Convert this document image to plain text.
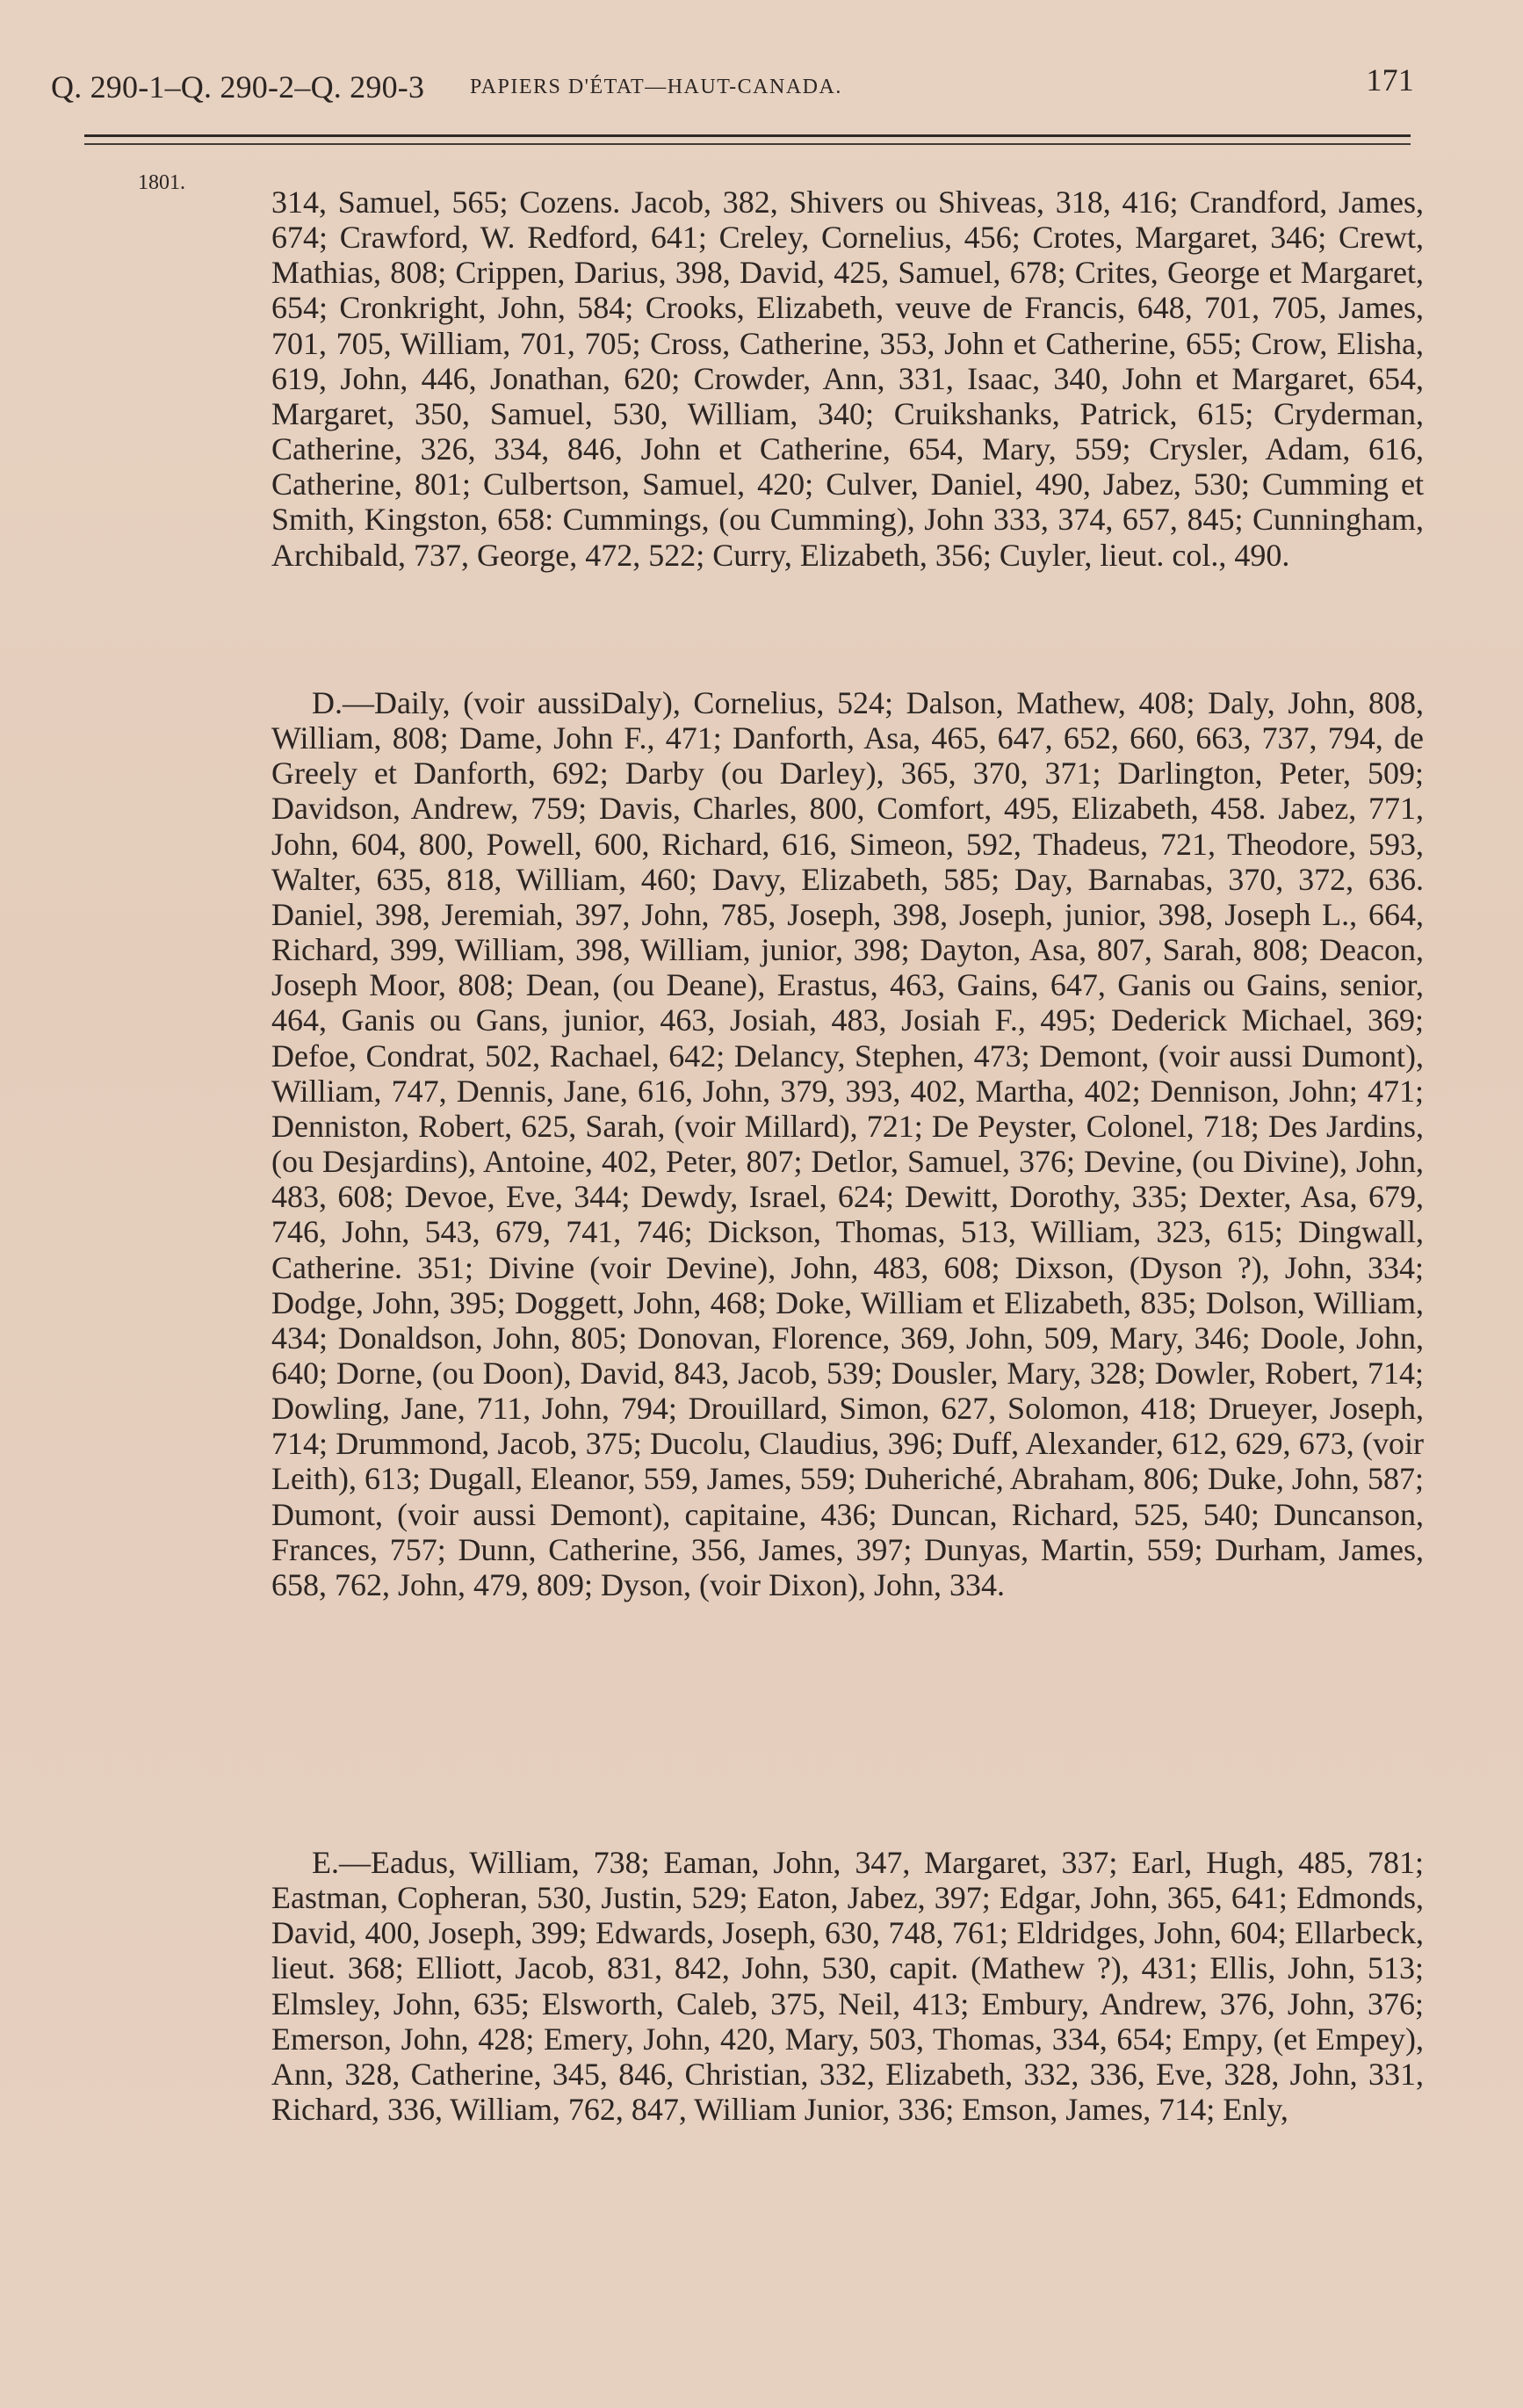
Q. 290-1–Q. 290-2–Q. 290-3 PAPIERS D'ÉTAT—HAUT-CANADA.	171
1801.

314, Samuel, 565; Cozens. Jacob, 382, Shivers ou Shiveas, 318, 416; Crandford, James, 674; Crawford, W. Redford, 641; Creley, Cornelius, 456; Crotes, Margaret, 346; Crewt, Mathias, 808; Crippen, Darius, 398, David, 425, Samuel, 678; Crites, George et Margaret, 654; Cronkright, John, 584; Crooks, Elizabeth, veuve de Francis, 648, 701, 705, James, 701, 705, William, 701, 705; Cross, Catherine, 353, John et Catherine, 655; Crow, Elisha, 619, John, 446, Jonathan, 620; Crowder, Ann, 331, Isaac, 340, John et Margaret, 654, Margaret, 350, Samuel, 530, William, 340; Cruikshanks, Patrick, 615; Cryderman, Catherine, 326, 334, 846, John et Catherine, 654, Mary, 559; Crysler, Adam, 616, Catherine, 801; Culbertson, Samuel, 420; Culver, Daniel, 490, Jabez, 530; Cumming et Smith, Kingston, 658: Cummings, (ou Cumming), John 333, 374, 657, 845; Cunningham, Archibald, 737, George, 472, 522; Curry, Elizabeth, 356; Cuyler, lieut. col., 490.

D.—Daily, (voir aussiDaly), Cornelius, 524; Dalson, Mathew, 408; Daly, John, 808, William, 808; Dame, John F., 471; Danforth, Asa, 465, 647, 652, 660, 663, 737, 794, de Greely et Danforth, 692; Darby (ou Darley), 365, 370, 371; Darlington, Peter, 509; Davidson, Andrew, 759; Davis, Charles, 800, Comfort, 495, Elizabeth, 458. Jabez, 771, John, 604, 800, Powell, 600, Richard, 616, Simeon, 592, Thadeus, 721, Theodore, 593, Walter, 635, 818, William, 460; Davy, Elizabeth, 585; Day, Barnabas, 370, 372, 636. Daniel, 398, Jeremiah, 397, John, 785, Joseph, 398, Joseph, junior, 398, Joseph L., 664, Richard, 399, William, 398, William, junior, 398; Dayton, Asa, 807, Sarah, 808; Deacon, Joseph Moor, 808; Dean, (ou Deane), Erastus, 463, Gains, 647, Ganis ou Gains, senior, 464, Ganis ou Gans, junior, 463, Josiah, 483, Josiah F., 495; Dederick Michael, 369; Defoe, Condrat, 502, Rachael, 642; Delancy, Stephen, 473; Demont, (voir aussi Dumont), William, 747, Dennis, Jane, 616, John, 379, 393, 402, Martha, 402; Dennison, John; 471; Denniston, Robert, 625, Sarah, (voir Millard), 721; De Peyster, Colonel, 718; Des Jardins, (ou Desjardins), Antoine, 402, Peter, 807; Detlor, Samuel, 376; Devine, (ou Divine), John, 483, 608; Devoe, Eve, 344; Dewdy, Israel, 624; Dewitt, Dorothy, 335; Dexter, Asa, 679, 746, John, 543, 679, 741, 746; Dickson, Thomas, 513, William, 323, 615; Dingwall, Catherine. 351; Divine (voir Devine), John, 483, 608; Dixson, (Dyson ?), John, 334; Dodge, John, 395; Doggett, John, 468; Doke, William et Elizabeth, 835; Dolson, William, 434; Donaldson, John, 805; Donovan, Florence, 369, John, 509, Mary, 346; Doole, John, 640; Dorne, (ou Doon), David, 843, Jacob, 539; Dousler, Mary, 328; Dowler, Robert, 714; Dowling, Jane, 711, John, 794; Drouillard, Simon, 627, Solomon, 418; Drueyer, Joseph, 714; Drummond, Jacob, 375; Ducolu, Claudius, 396; Duff, Alexander, 612, 629, 673, (voir Leith), 613; Dugall, Eleanor, 559, James, 559; Duheriché, Abraham, 806; Duke, John, 587; Dumont, (voir aussi Demont), capitaine, 436; Duncan, Richard, 525, 540; Duncanson, Frances, 757; Dunn, Catherine, 356, James, 397; Dunyas, Martin, 559; Durham, James, 658, 762, John, 479, 809; Dyson, (voir Dixon), John, 334.

E.—Eadus, William, 738; Eaman, John, 347, Margaret, 337; Earl, Hugh, 485, 781; Eastman, Copheran, 530, Justin, 529; Eaton, Jabez, 397; Edgar, John, 365, 641; Edmonds, David, 400, Joseph, 399; Edwards, Joseph, 630, 748, 761; Eldridges, John, 604; Ellarbeck, lieut. 368; Elliott, Jacob, 831, 842, John, 530, capit. (Mathew ?), 431; Ellis, John, 513; Elmsley, John, 635; Elsworth, Caleb, 375, Neil, 413; Embury, Andrew, 376, John, 376; Emerson, John, 428; Emery, John, 420, Mary, 503, Thomas, 334, 654; Empy, (et Empey), Ann, 328, Catherine, 345, 846, Christian, 332, Elizabeth, 332, 336, Eve, 328, John, 331, Richard, 336, William, 762, 847, William Junior, 336; Emson, James, 714; Enly,
